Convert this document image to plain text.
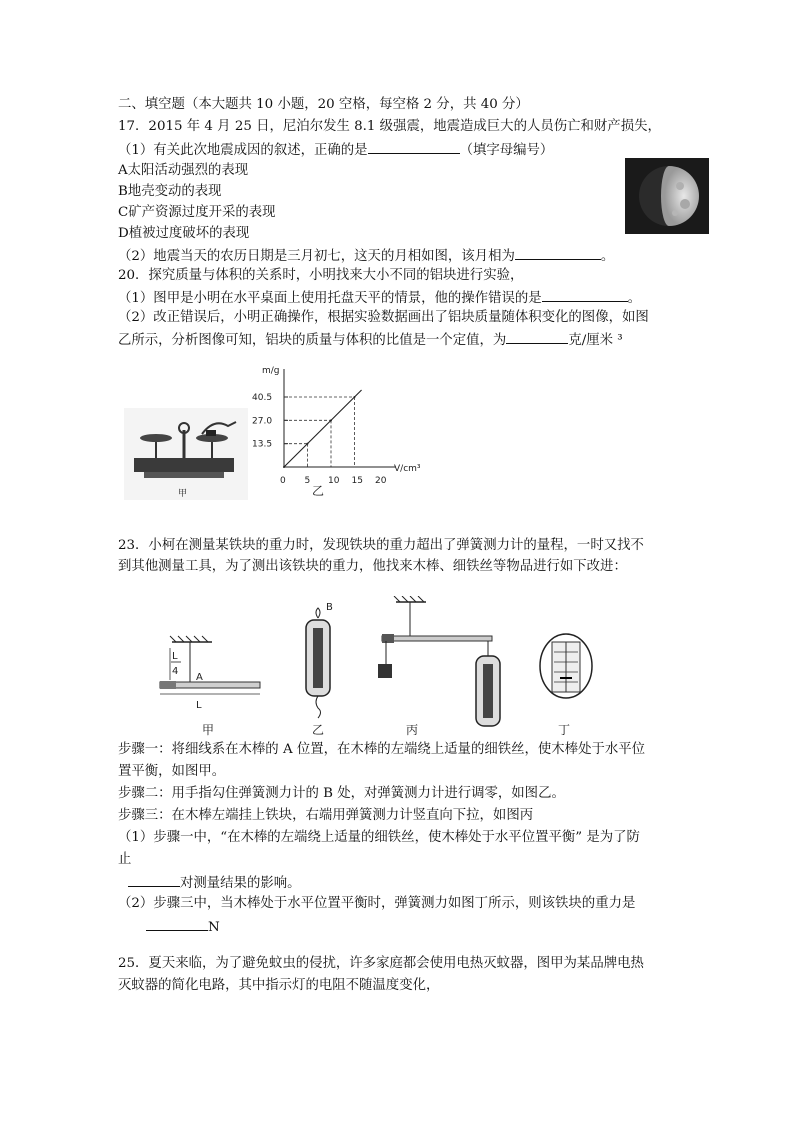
二、填空题（本大题共 10 小题，20 空格，每空格 2 分，共 40 分）
17．2015 年 4 月 25 日，尼泊尔发生 8.1 级强震，地震造成巨大的人员伤亡和财产损失，
（1）有关此次地震成因的叙述，正确的是	（填字母编号）
A太阳活动强烈的表现
B地壳变动的表现
C矿产资源过度开采的表现
D植被过度破坏的表现
（2）地震当天的农历日期是三月初七，这天的月相如图，该月相为	。
20．探究质量与体积的关系时，小明找来大小不同的铝块进行实验，
（1）图甲是小明在水平桌面上使用托盘天平的情景，他的操作错误的是	。
（2）改正错误后，小明正确操作，根据实验数据画出了铝块质量随体积变化的图像，如图
乙所示，分析图像可知，铝块的质量与体积的比值是一个定值，为	克/厘米 ³
甲
m/g
V/cm³
0 5 10 15 20
13.5
27.0
40.5
乙
23．小柯在测量某铁块的重力时，发现铁块的重力超出了弹簧测力计的量程，一时又找不
到其他测量工具，为了测出该铁块的重力，他找来木棒、细铁丝等物品进行如下改进：
L
4
A
L
甲
B
乙	丙	丁
步骤一：将细线系在木棒的 A 位置，在木棒的左端绕上适量的细铁丝，使木棒处于水平位
置平衡，如图甲。
步骤二：用手指勾住弹簧测力计的 B 处，对弹簧测力计进行调零，如图乙。
步骤三：在木棒左端挂上铁块，右端用弹簧测力计竖直向下拉，如图丙
（1）步骤一中，“在木棒的左端绕上适量的细铁丝，使木棒处于水平位置平衡” 是为了防
止
对测量结果的影响。
（2）步骤三中，当木棒处于水平位置平衡时，弹簧测力如图丁所示，则该铁块的重力是
N
25．夏天来临，为了避免蚊虫的侵扰，许多家庭都会使用电热灭蚊器，图甲为某品牌电热
灭蚊器的简化电路，其中指示灯的电阻不随温度变化，
